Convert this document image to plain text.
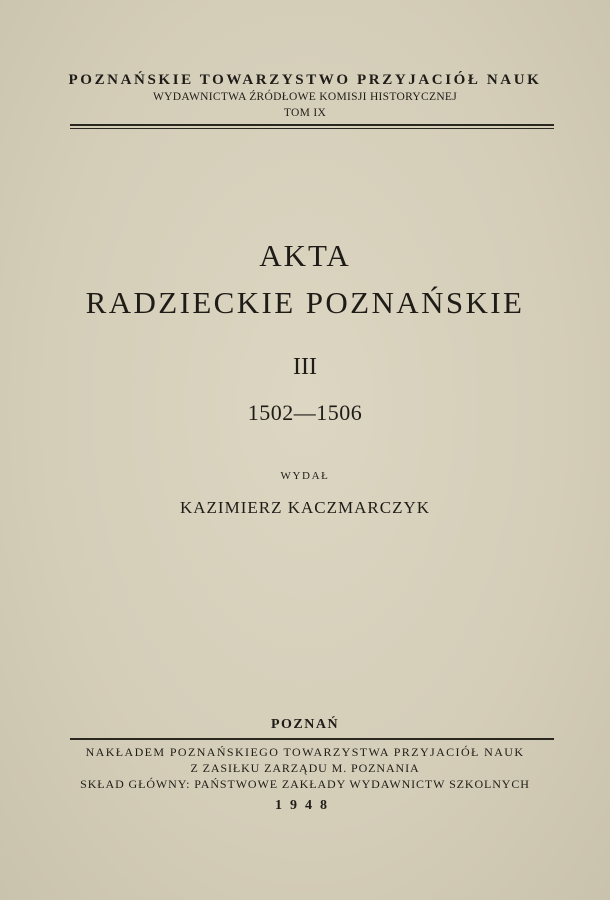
POZNAŃSKIE TOWARZYSTWO PRZYJACIÓŁ NAUK
WYDAWNICTWA ŹRÓDŁOWE KOMISJI HISTORYCZNEJ
TOM IX
AKTA
RADZIECKIE POZNAŃSKIE
III
1502—1506
WYDAŁ
KAZIMIERZ KACZMARCZYK
POZNAŃ
NAKŁADEM POZNAŃSKIEGO TOWARZYSTWA PRZYJACIÓŁ NAUK
Z ZASIŁKU ZARZĄDU M. POZNANIA
SKŁAD GŁÓWNY: PAŃSTWOWE ZAKŁADY WYDAWNICTW SZKOLNYCH
1948
